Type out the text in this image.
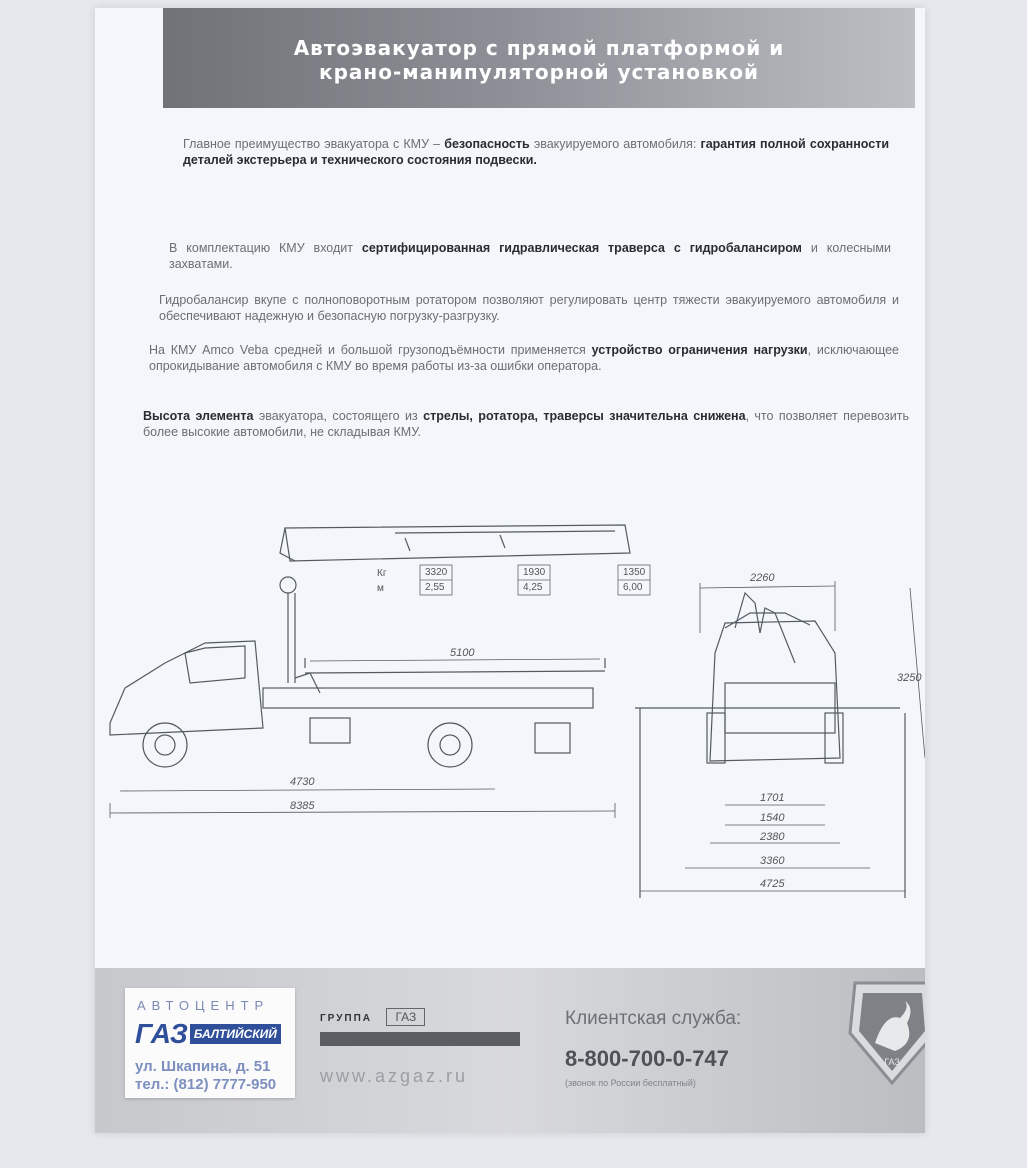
Автоэвакуатор с прямой платформой и
крано-манипуляторной установкой
Главное преимущество эвакуатора с КМУ – безопасность эвакуируемого автомобиля: гарантия полной сохранности деталей экстерьера и технического состояния подвески.
В комплектацию КМУ входит сертифицированная гидравлическая траверса с гидробалансиром и колесными захватами.
Гидробалансир вкупе с полноповоротным ротатором позволяют регулировать центр тяжести эвакуируемого автомобиля и обеспечивают надежную и безопасную погрузку-разгрузку.
На КМУ Amco Veba средней и большой грузоподъёмности применяется устройство ограничения нагрузки, исключающее опрокидывание автомобиля с КМУ во время работы из-за ошибки оператора.
Высота элемента эвакуатора, состоящего из стрелы, ротатора, траверсы значительна снижена, что позволяет перевозить более высокие автомобили, не складывая КМУ.
Кг
м
3320
2,55
1930
4,25
1350
6,00
5100
4730
8385
2260
3250
1701
1540
2380
3360
4725
АВТОЦЕНТР
ГАЗ БАЛТИЙСКИЙ
ул. Шкапина, д. 51
тел.: (812) 7777-950
ГРУППА ГАЗ
www.azgaz.ru
Клиентская служба:
8-800-700-0-747
(звонок по России бесплатный)
ГАЗ
